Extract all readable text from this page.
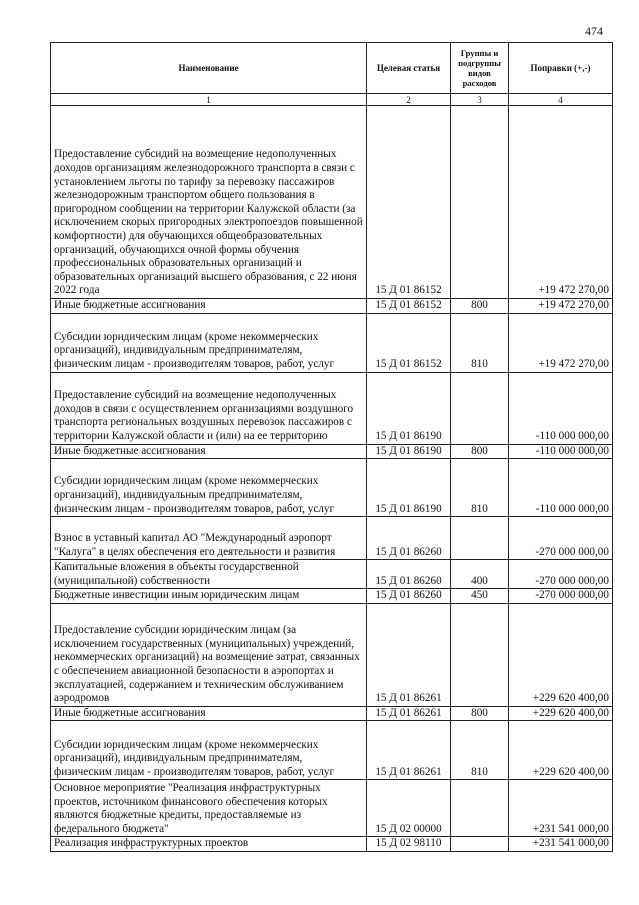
474
Наименование	Целевая статья	Группы и подгруппы видов расходов	Поправки (+,-)
1	2	3	4
Предоставление субсидий на возмещение недополученных доходов организациям железнодорожного транспорта в связи с установлением льготы по тарифу за перевозку пассажиров железнодорожным транспортом общего пользования в пригородном сообщении на территории Калужской области (за исключением скорых пригородных электропоездов повышенной комфортности) для обучающихся общеобразовательных организаций, обучающихся очной формы обучения профессиональных образовательных организаций и образовательных организаций высшего образования, с 22 июня 2022 года	15 Д 01 86152		+19 472 270,00
Иные бюджетные ассигнования	15 Д 01 86152	800	+19 472 270,00
Субсидии юридическим лицам (кроме некоммерческих организаций), индивидуальным предпринимателям, физическим лицам - производителям товаров, работ, услуг	15 Д 01 86152	810	+19 472 270,00
Предоставление субсидий на возмещение недополученных доходов в связи с осуществлением организациями воздушного транспорта региональных воздушных перевозок пассажиров с территории Калужской области и (или) на ее территорию	15 Д 01 86190		-110 000 000,00
Иные бюджетные ассигнования	15 Д 01 86190	800	-110 000 000,00
Субсидии юридическим лицам (кроме некоммерческих организаций), индивидуальным предпринимателям, физическим лицам - производителям товаров, работ, услуг	15 Д 01 86190	810	-110 000 000,00
Взнос в уставный капитал АО "Международный аэропорт "Калуга" в целях обеспечения его деятельности и развития	15 Д 01 86260		-270 000 000,00
Капитальные вложения в объекты государственной (муниципальной) собственности	15 Д 01 86260	400	-270 000 000,00
Бюджетные инвестиции иным юридическим лицам	15 Д 01 86260	450	-270 000 000,00
Предоставление субсидии юридическим лицам (за исключением государственных (муниципальных) учреждений, некоммерческих организаций) на возмещение затрат, связанных с обеспечением авиационной безопасности в аэропортах и эксплуатацией, содержанием и техническим обслуживанием аэродромов	15 Д 01 86261		+229 620 400,00
Иные бюджетные ассигнования	15 Д 01 86261	800	+229 620 400,00
Субсидии юридическим лицам (кроме некоммерческих организаций), индивидуальным предпринимателям, физическим лицам - производителям товаров, работ, услуг	15 Д 01 86261	810	+229 620 400,00
Основное мероприятие "Реализация инфраструктурных проектов, источником финансового обеспечения которых являются бюджетные кредиты, предоставляемые из федерального бюджета"	15 Д 02 00000		+231 541 000,00
Реализация инфраструктурных проектов	15 Д 02 98110		+231 541 000,00
